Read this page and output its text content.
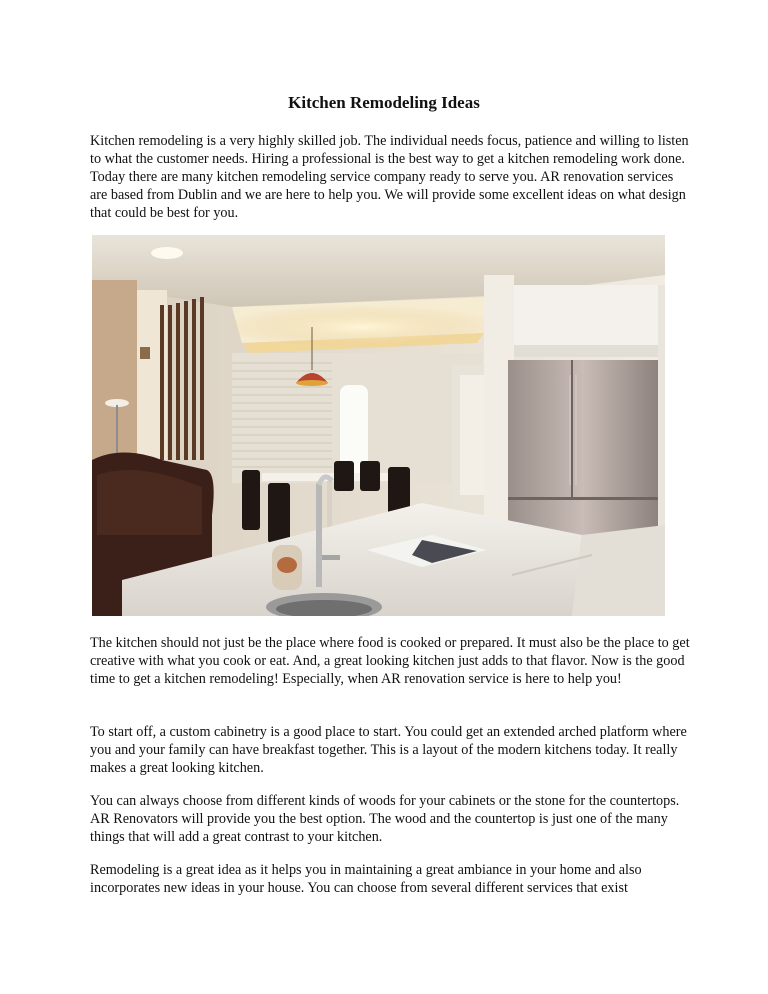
Kitchen Remodeling Ideas

Kitchen remodeling is a very highly skilled job. The individual needs focus, patience and willing to listen to what the customer needs. Hiring a professional is the best way to get a kitchen remodeling work done. Today there are many kitchen remodeling service company ready to serve you. AR renovation services are based from Dublin and we are here to help you. We will provide some excellent ideas on what design that could be best for you.

The kitchen should not just be the place where food is cooked or prepared. It must also be the place to get creative with what you cook or eat. And, a great looking kitchen just adds to that flavor. Now is the good time to get a kitchen remodeling! Especially, when AR renovation service is here to help you!

To start off, a custom cabinetry is a good place to start. You could get an extended arched platform where you and your family can have breakfast together. This is a layout of the modern kitchens today. It really makes a great looking kitchen.

You can always choose from different kinds of woods for your cabinets or the stone for the countertops. AR Renovators will provide you the best option. The wood and the countertop is just one of the many things that will add a great contrast to your kitchen.

Remodeling is a great idea as it helps you in maintaining a great ambiance in your home and also incorporates new ideas in your house. You can choose from several different services that exist
